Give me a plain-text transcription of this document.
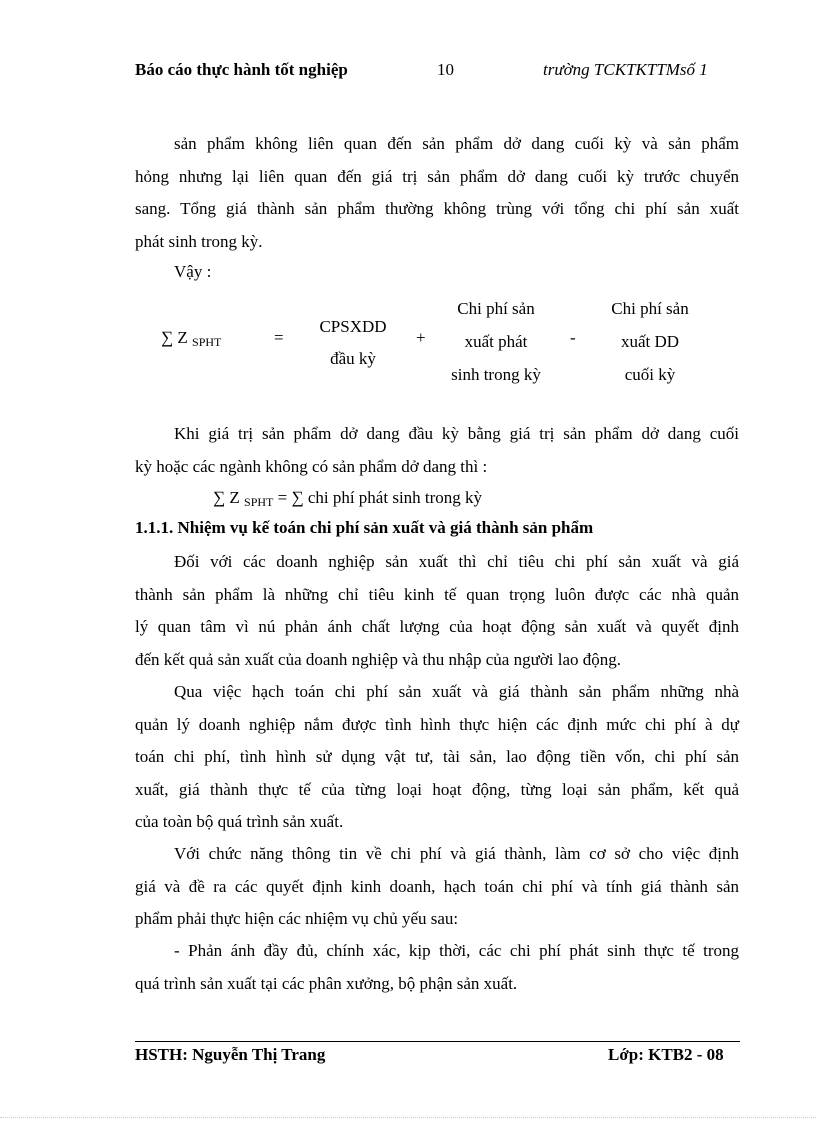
Báo cáo thực hành tốt nghiệp	10	trường TCKTKTTMsố 1
sản phẩm không liên quan đến sản phẩm dở dang cuối kỳ và sản phẩm
hỏng nhưng lại liên quan đến giá trị sản phẩm dở dang cuối kỳ trước chuyển
sang. Tổng giá thành sản phẩm thường không trùng với tổng chi phí sản xuất
phát sinh trong kỳ.
Vậy :
∑ Z $_{SPHT}$	=
CPSXDD
đầu kỳ
+
Chi phí sản
xuất phát
sinh trong kỳ
-
Chi phí sản
xuất DD
cuối kỳ
Khi giá trị sản phẩm dở dang đầu kỳ bằng giá trị sản phẩm dở dang cuối
kỳ hoặc các ngành không có sản phẩm dở dang thì :
∑ Z $_{SPHT}$ = ∑ chi phí phát sinh trong kỳ
1.1.1. Nhiệm vụ kế toán chi phí sản xuất và giá thành sản phẩm
Đối với các doanh nghiệp sản xuất thì chỉ tiêu chi phí sản xuất và giá
thành sản phẩm là những chỉ tiêu kinh tế quan trọng luôn được các nhà quản
lý quan tâm vì nú phản ánh chất lượng của hoạt động sản xuất và quyết định
đến kết quả sản xuất của doanh nghiệp và thu nhập của người lao động.
Qua việc hạch toán chi phí sản xuất và giá thành sản phẩm những nhà
quản lý doanh nghiệp nắm được tình hình thực hiện các định mức chi phí à dự
toán chi phí, tình hình sử dụng vật tư, tài sản, lao động tiền vốn, chi phí sản
xuất, giá thành thực tế của từng loại hoạt động, từng loại sản phẩm, kết quả
của toàn bộ quá trình sản xuất.
Với chức năng thông tin về chi phí và giá thành, làm cơ sở cho việc định
giá và đề ra các quyết định kinh doanh, hạch toán chi phí và tính giá thành sản
phẩm phải thực hiện các nhiệm vụ chủ yếu sau:
- Phản ánh đầy đủ, chính xác, kịp thời, các chi phí phát sinh thực tế trong
quá trình sản xuất tại các phân xưởng, bộ phận sản xuất.
HSTH: Nguyễn Thị Trang	Lớp: KTB2 - 08
